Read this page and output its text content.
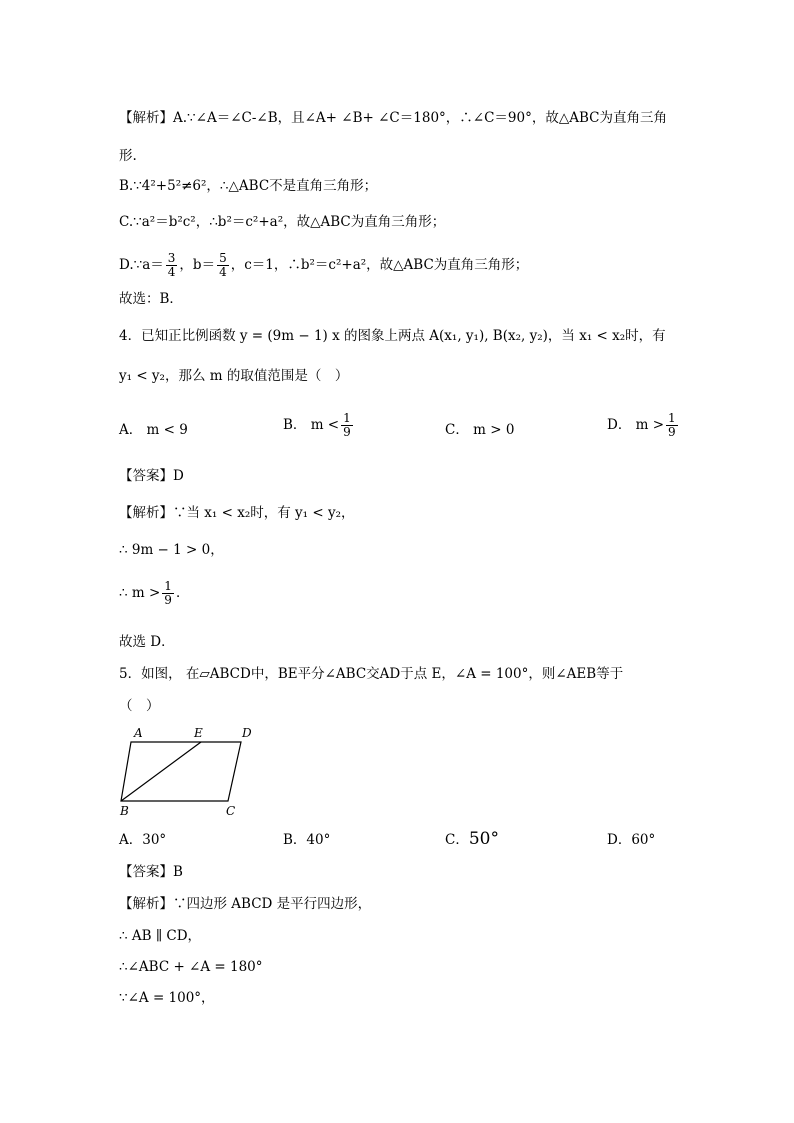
【解析】A.∵∠A＝∠C-∠B，且∠A+ ∠B+ ∠C＝180°，∴∠C＝90°，故△ABC为直角三角
形.
B.∵4²+5²≠6²，∴△ABC不是直角三角形；
C.∵a²＝b²c²，∴b²＝c²+a²，故△ABC为直角三角形；
D.∵a＝ $\frac{3}{4}$ ，$b= \frac{5}{4}$ ，c＝1，∴b²＝c²+a²，故△ABC为直角三角形；
故选：B．
4．已知正比例函数 y = (9m − 1) x 的图象上两点 A(x₁, y₁), B(x₂, y₂)，当 x₁ < x₂时，有
y₁ < y₂，那么 m 的取值范围是（　）
A． m < 9	B． $m < \frac{1}{9}$	C． m > 0	D． $m > \frac{1}{9}$
【答案】D
【解析】∵当 x₁ < x₂时，有 y₁ < y₂，
∴ 9m − 1 > 0，
∴ $m > \frac{1}{9}$ ．
故选 D．
5．如图， 在▱ABCD中，BE平分∠ABC交AD于点 E，∠A = 100°，则∠AEB等于
（　）
A	E	D
B	C
A．30°	B．40°	C．50°	D．60°
【答案】B
【解析】∵四边形 ABCD 是平行四边形，
∴ AB ∥ CD，
∴∠ABC + ∠A = 180°
∵∠A = 100°，
